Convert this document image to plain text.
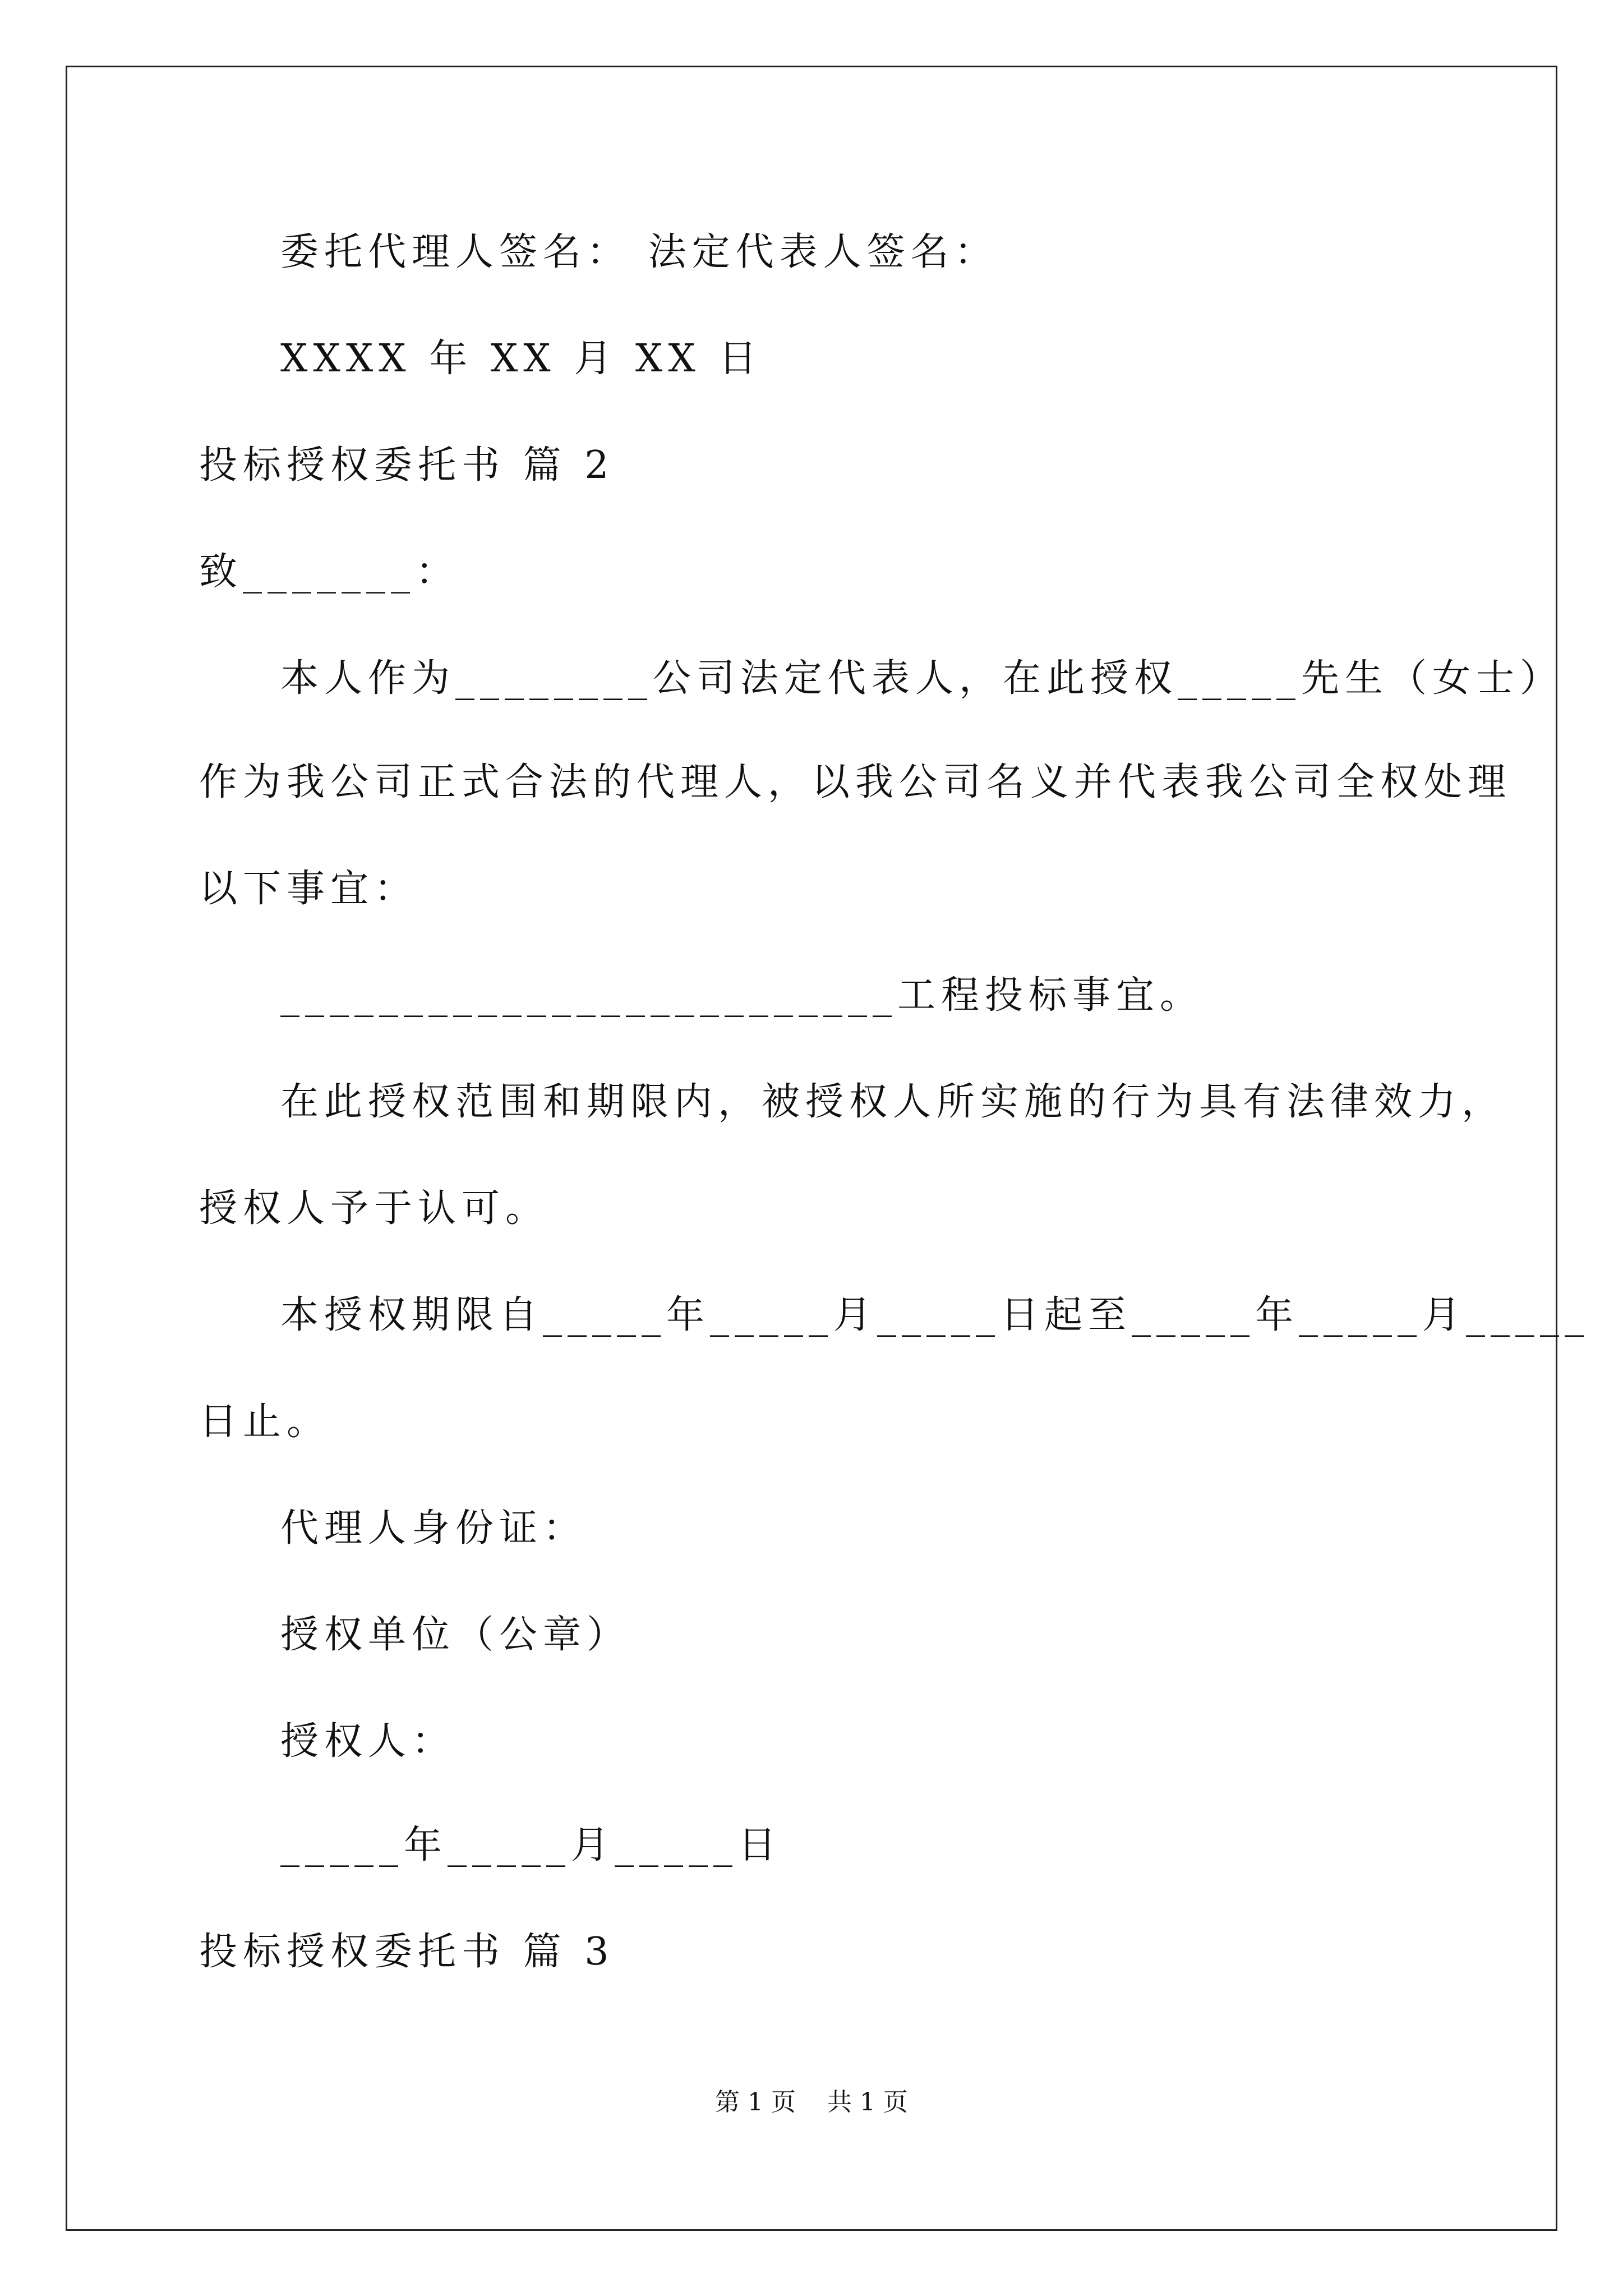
委托代理人签名： 法定代表人签名：
XXXX 年 XX 月 XX 日
投标授权委托书 篇 2
致_______：
本人作为________公司法定代表人，在此授权_____先生（女士）
作为我公司正式合法的代理人，以我公司名义并代表我公司全权处理
以下事宜：
_________________________工程投标事宜。
在此授权范围和期限内，被授权人所实施的行为具有法律效力，
授权人予于认可。
本授权期限自_____年_____月_____日起至_____年_____月_____
日止。
代理人身份证：
授权单位（公章）
授权人：
_____年_____月_____日
投标授权委托书 篇 3
第 1 页    共 1 页
